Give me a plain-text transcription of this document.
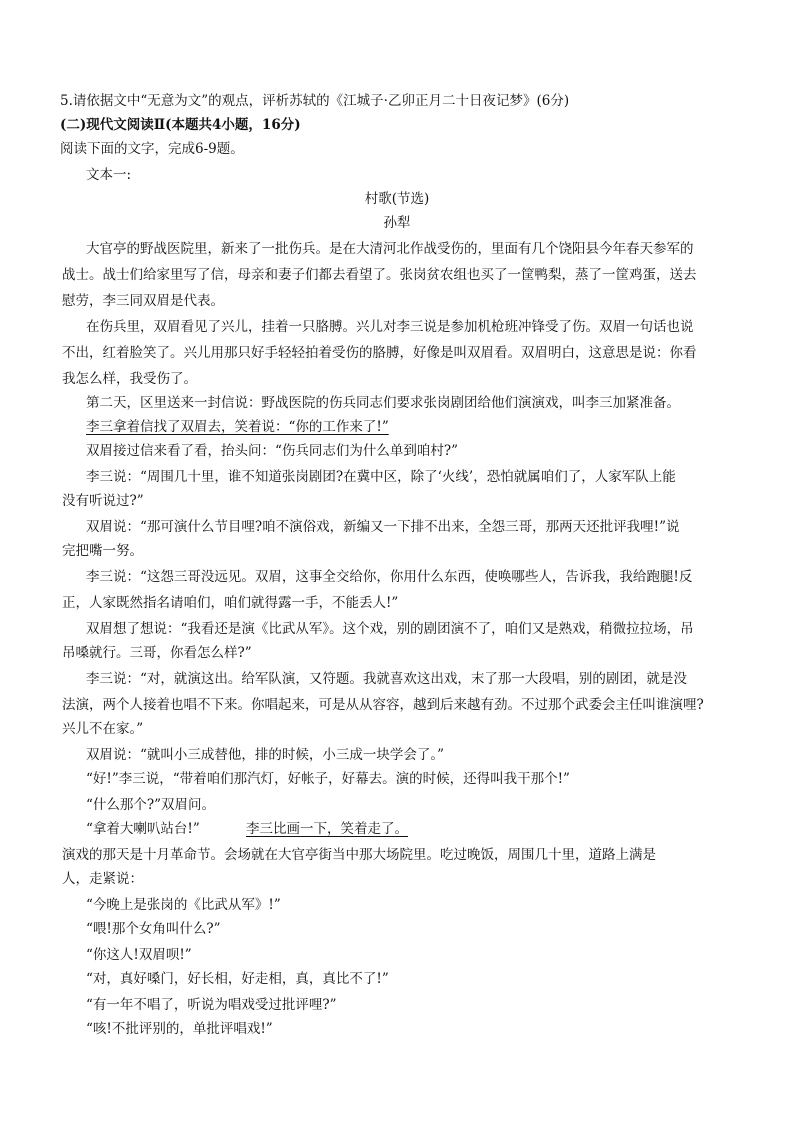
5.请依据文中“无意为文”的观点，评析苏轼的《江城子·乙卯正月二十日夜记梦》(6分)
(二)现代文阅读Ⅱ(本题共4小题，16分)
阅读下面的文字，完成6-9题。
文本一:
村歌(节选)
孙犁
大官亭的野战医院里，新来了一批伤兵。是在大清河北作战受伤的，里面有几个饶阳县今年春天参军的
战士。战士们给家里写了信，母亲和妻子们都去看望了。张岗贫农组也买了一筐鸭梨，蒸了一筐鸡蛋，送去
慰劳，李三同双眉是代表。
在伤兵里，双眉看见了兴儿，挂着一只胳膊。兴儿对李三说是参加机枪班冲锋受了伤。双眉一句话也说
不出，红着脸笑了。兴儿用那只好手轻轻拍着受伤的胳膊，好像是叫双眉看。双眉明白，这意思是说：你看
我怎么样，我受伤了。
第二天，区里送来一封信说：野战医院的伤兵同志们要求张岗剧团给他们演演戏，叫李三加紧准备。
李三拿着信找了双眉去，笑着说：“你的工作来了!”
双眉接过信来看了看，抬头问：“伤兵同志们为什么单到咱村?”
李三说：“周围几十里，谁不知道张岗剧团?在冀中区，除了‘火线’，恐怕就属咱们了，人家军队上能
没有听说过?”
双眉说：“那可演什么节目哩?咱不演俗戏，新编又一下排不出来，全怨三哥，那两天还批评我哩!”说
完把嘴一努。
李三说：“这怨三哥没远见。双眉，这事全交给你，你用什么东西，使唤哪些人，告诉我，我给跑腿!反
正，人家既然指名请咱们，咱们就得露一手，不能丢人!”
双眉想了想说：“我看还是演《比武从军》。这个戏，别的剧团演不了，咱们又是熟戏，稍微拉拉场，吊
吊嗓就行。三哥，你看怎么样?”
李三说：“对，就演这出。给军队演，又符题。我就喜欢这出戏，末了那一大段唱，别的剧团，就是没
法演，两个人接着也唱不下来。你唱起来，可是从从容容，越到后来越有劲。不过那个武委会主任叫谁演哩?
兴儿不在家。”
双眉说：“就叫小三成替他，排的时候，小三成一块学会了。”
“好!”李三说，“带着咱们那汽灯，好帐子，好幕去。演的时候，还得叫我干那个!”
“什么那个?”双眉问。
“拿着大喇叭站台!”	李三比画一下，笑着走了。
演戏的那天是十月革命节。会场就在大官亭街当中那大场院里。吃过晚饭，周围几十里，道路上满是
人，走紧说：
“今晚上是张岗的《比武从军》!”
“喂!那个女角叫什么?”
“你这人!双眉呗!”
“对，真好嗓门，好长相，好走相，真，真比不了!”
“有一年不唱了，听说为唱戏受过批评哩?”
“咳!不批评别的，单批评唱戏!”
